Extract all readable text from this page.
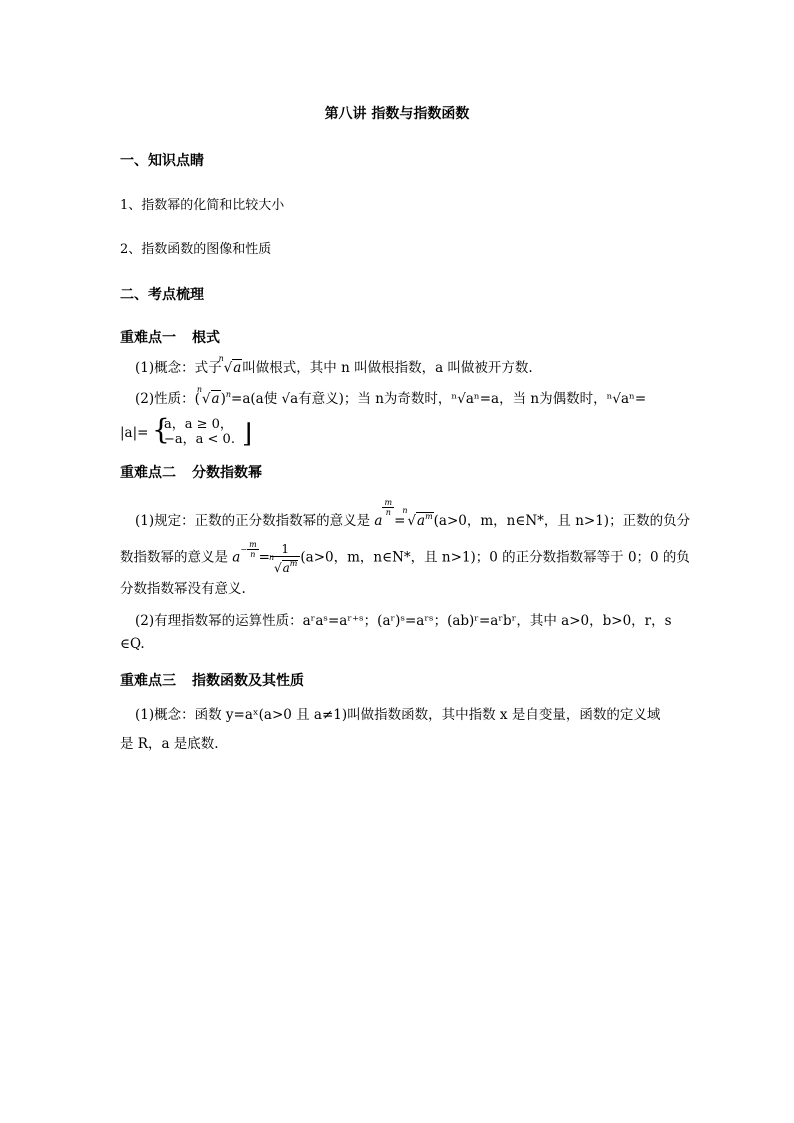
第八讲 指数与指数函数
一、知识点睛
1、指数幂的化简和比较大小
2、指数函数的图像和性质
二、考点梳理
重难点一 根式
(1)概念：式子
n
√a叫做根式，其中 n 叫做根指数，a 叫做被开方数.
(2)性质：(
n
√a)$^n$=a(a使 √a有意义)；当 n为奇数时，ⁿ√aⁿ=a，当 n为偶数时，ⁿ√aⁿ=
|a|= {
a，a ≥ 0，
−a，a < 0. ⌋
重难点二 分数指数幂
(1)规定：正数的正分数指数幂的意义是 a
$\frac{m}{n}$
=
n
$√a^m(a>0$，m，n∈N*，且 n>1)；正数的负分
数指数幂的意义是 $a^{- \frac{m}{n}} = 1$
n
$√a^m$ (a>0，m，n∈N*，且 n>1)；0 的正分数指数幂等于 0；0 的负
分数指数幂没有意义.
(2)有理指数幂的运算性质：aʳaˢ=aʳ⁺ˢ；(aʳ)ˢ=aʳˢ；(ab)ʳ=aʳbʳ，其中 a>0，b>0，r，s
∈Q.
重难点三 指数函数及其性质
(1)概念：函数 y=aˣ(a>0 且 a≠1)叫做指数函数，其中指数 x 是自变量，函数的定义域
是 R，a 是底数.
